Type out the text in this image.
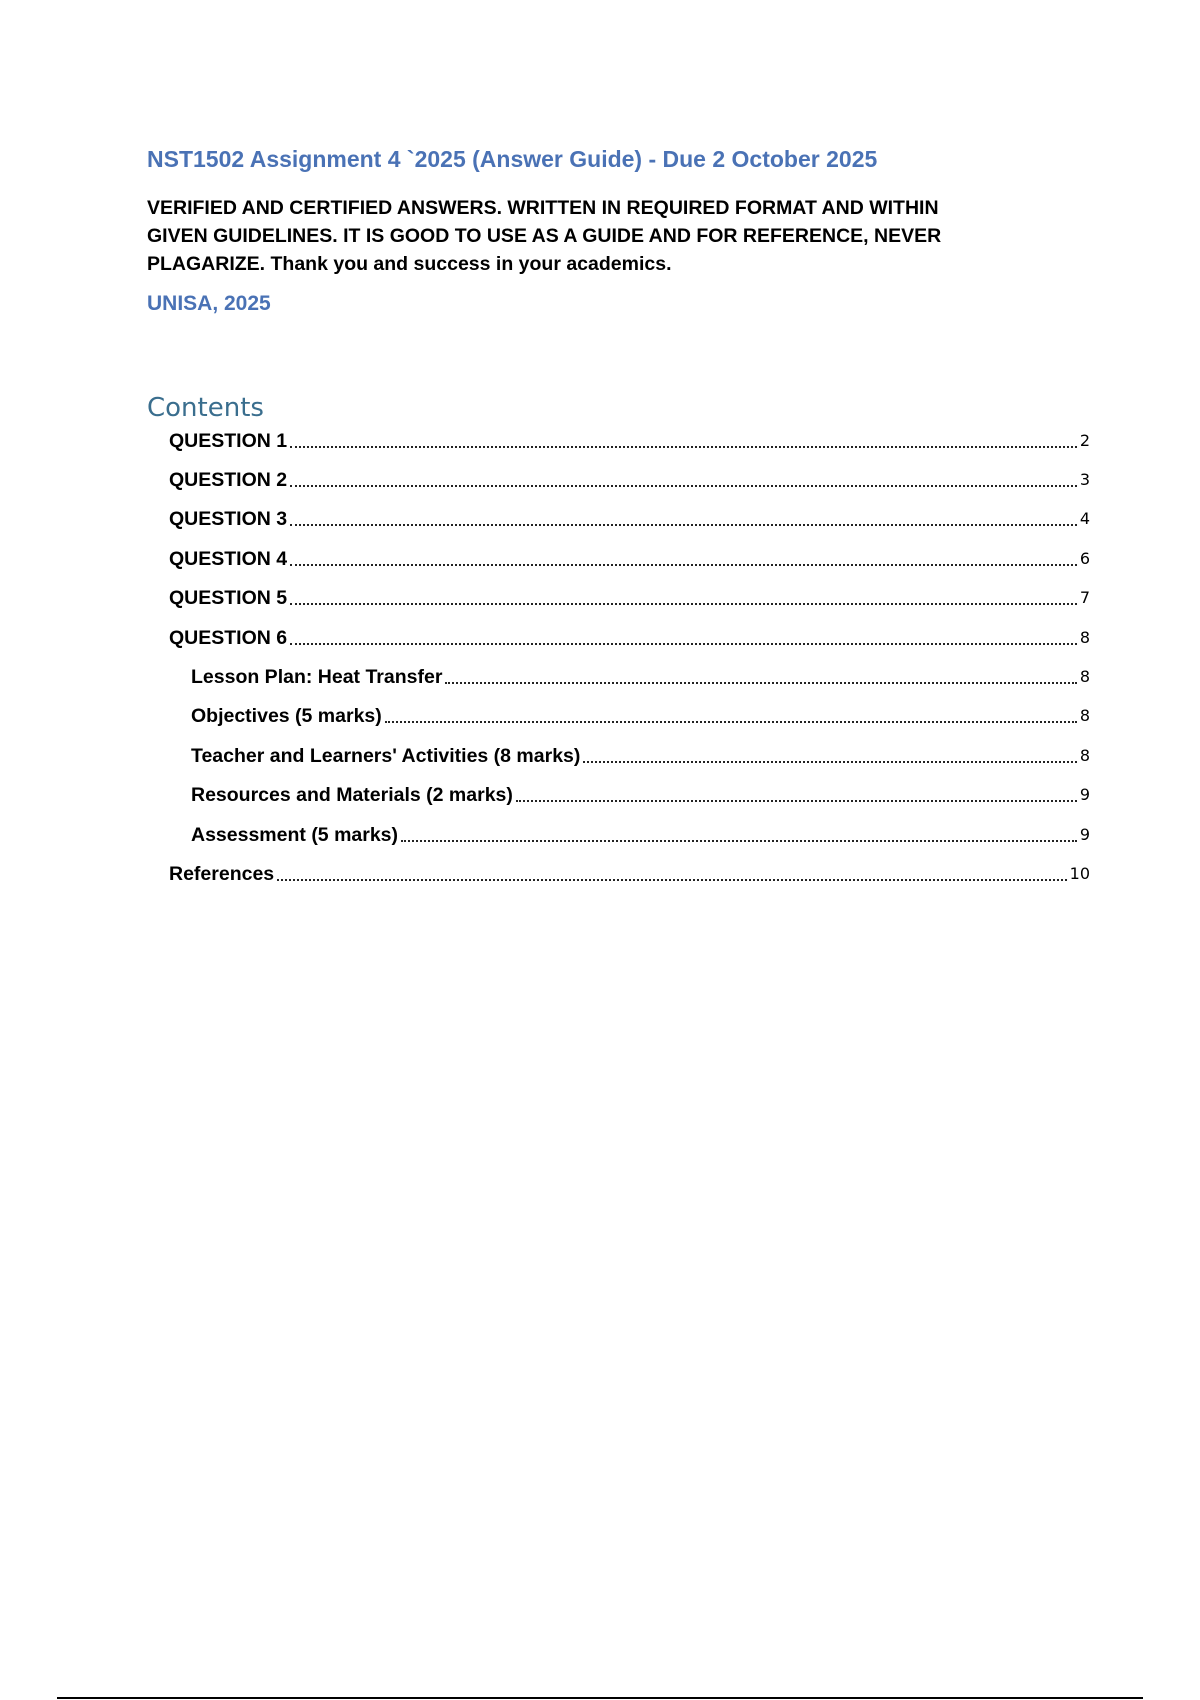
NST1502 Assignment 4 `2025 (Answer Guide) - Due 2 October 2025
VERIFIED AND CERTIFIED ANSWERS. WRITTEN IN REQUIRED FORMAT AND WITHIN
GIVEN GUIDELINES. IT IS GOOD TO USE AS A GUIDE AND FOR REFERENCE, NEVER
PLAGARIZE. Thank you and success in your academics.
UNISA, 2025
Contents
QUESTION 1	2
QUESTION 2	3
QUESTION 3	4
QUESTION 4	6
QUESTION 5	7
QUESTION 6	8
Lesson Plan: Heat Transfer	8
Objectives (5 marks)	8
Teacher and Learners' Activities (8 marks)	8
Resources and Materials (2 marks)	9
Assessment (5 marks)	9
References	10
